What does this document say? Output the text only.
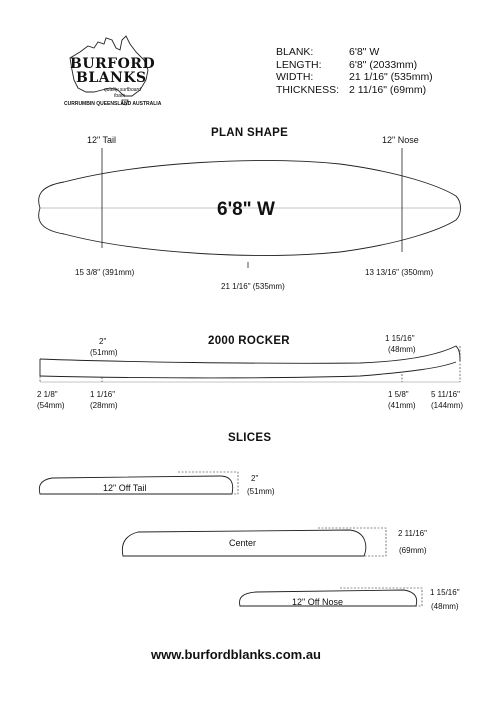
BURFORD
BLANKS
quality surfboard
foam
CURRUMBIN QUEENSLAND AUSTRALIA
BLANK:	6'8" W
LENGTH:	6'8" (2033mm)
WIDTH:	21 1/16" (535mm)
THICKNESS: 2 11/16" (69mm)
PLAN SHAPE
12" Tail	12" Nose
6'8" W
15 3/8" (391mm)
21 1/16" (535mm)
13 13/16" (350mm)
2000 ROCKER
2"
(51mm)
1 15/16"
(48mm)
2 1/8"
(54mm)
1 1/16"
(28mm)
1 5/8"
(41mm)
5 11/16"
(144mm)
SLICES
12" Off Tail
2"
(51mm)
Center
2 11/16"
(69mm)
12" Off Nose
1 15/16"
(48mm)
www.burfordblanks.com.au
